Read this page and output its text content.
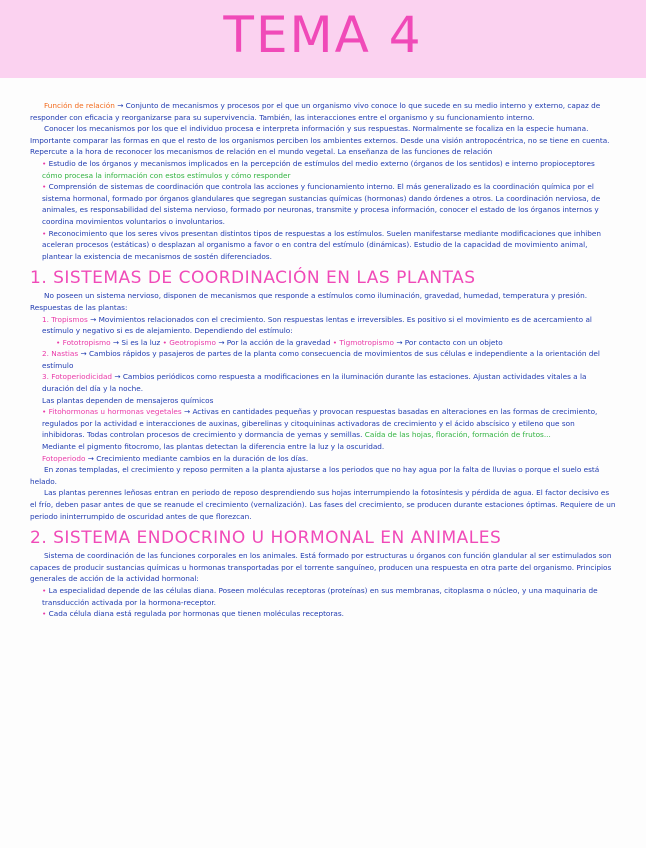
TEMA 4

Función de relación → Conjunto de mecanismos y procesos por el que un organismo vivo conoce lo que sucede en su medio interno y externo, capaz de responder con eficacia y reorganizarse para su supervivencia. También, las interacciones entre el organismo y su funcionamiento interno.

Conocer los mecanismos por los que el individuo procesa e interpreta información y sus respuestas. Normalmente se focaliza en la especie humana. Importante comparar las formas en que el resto de los organismos perciben los ambientes externos. Desde una visión antropocéntrica, no se tiene en cuenta. Repercute a la hora de reconocer los mecanismos de relación en el mundo vegetal. La enseñanza de las funciones de relación

• Estudio de los órganos y mecanismos implicados en la percepción de estímulos del medio externo (órganos de los sentidos) e interno propioceptores cómo procesa la información con estos estímulos y cómo responder

• Comprensión de sistemas de coordinación que controla las acciones y funcionamiento interno. El más generalizado es la coordinación química por el sistema hormonal, formado por órganos glandulares que segregan sustancias químicas (hormonas) dando órdenes a otros. La coordinación nerviosa, de animales, es responsabilidad del sistema nervioso, formado por neuronas, transmite y procesa información, conocer el estado de los órganos internos y coordina movimientos voluntarios o involuntarios.

• Reconocimiento que los seres vivos presentan distintos tipos de respuestas a los estímulos. Suelen manifestarse mediante modificaciones que inhiben aceleran procesos (estáticas) o desplazan al organismo a favor o en contra del estímulo (dinámicas). Estudio de la capacidad de movimiento animal, plantear la existencia de mecanismos de sostén diferenciados.

1. SISTEMAS DE COORDINACIÓN EN LAS PLANTAS

No poseen un sistema nervioso, disponen de mecanismos que responde a estímulos como iluminación, gravedad, humedad, temperatura y presión. Respuestas de las plantas:

1. Tropismos → Movimientos relacionados con el crecimiento. Son respuestas lentas e irreversibles. Es positivo si el movimiento es de acercamiento al estímulo y negativo si es de alejamiento. Dependiendo del estímulo:

• Fototropismo → Si es la luz • Geotropismo → Por la acción de la gravedad • Tigmotropismo → Por contacto con un objeto

2. Nastias → Cambios rápidos y pasajeros de partes de la planta como consecuencia de movimientos de sus células e independiente a la orientación del estímulo

3. Fotoperiodicidad → Cambios periódicos como respuesta a modificaciones en la iluminación durante las estaciones. Ajustan actividades vitales a la duración del día y la noche.

Las plantas dependen de mensajeros químicos

• Fitohormonas u hormonas vegetales → Activas en cantidades pequeñas y provocan respuestas basadas en alteraciones en las formas de crecimiento, regulados por la actividad e interacciones de auxinas, giberelinas y citoquininas activadoras de crecimiento y el ácido abscísico y etileno que son inhibidoras. Todas controlan procesos de crecimiento y dormancia de yemas y semillas. Caída de las hojas, floración, formación de frutos...

Mediante el pigmento fitocromo, las plantas detectan la diferencia entre la luz y la oscuridad.

Fotoperiodo → Crecimiento mediante cambios en la duración de los días.

En zonas templadas, el crecimiento y reposo permiten a la planta ajustarse a los periodos que no hay agua por la falta de lluvias o porque el suelo está helado.

Las plantas perennes leñosas entran en periodo de reposo desprendiendo sus hojas interrumpiendo la fotosíntesis y pérdida de agua. El factor decisivo es el frío, deben pasar antes de que se reanude el crecimiento (vernalización). Las fases del crecimiento, se producen durante estaciones óptimas. Requiere de un periodo ininterrumpido de oscuridad antes de que florezcan.

2. SISTEMA ENDOCRINO U HORMONAL EN ANIMALES

Sistema de coordinación de las funciones corporales en los animales. Está formado por estructuras u órganos con función glandular al ser estimulados son capaces de producir sustancias químicas u hormonas transportadas por el torrente sanguíneo, producen una respuesta en otra parte del organismo. Principios generales de acción de la actividad hormonal:

• La especialidad depende de las células diana. Poseen moléculas receptoras (proteínas) en sus membranas, citoplasma o núcleo, y una maquinaria de transducción activada por la hormona-receptor.

• Cada célula diana está regulada por hormonas que tienen moléculas receptoras.
